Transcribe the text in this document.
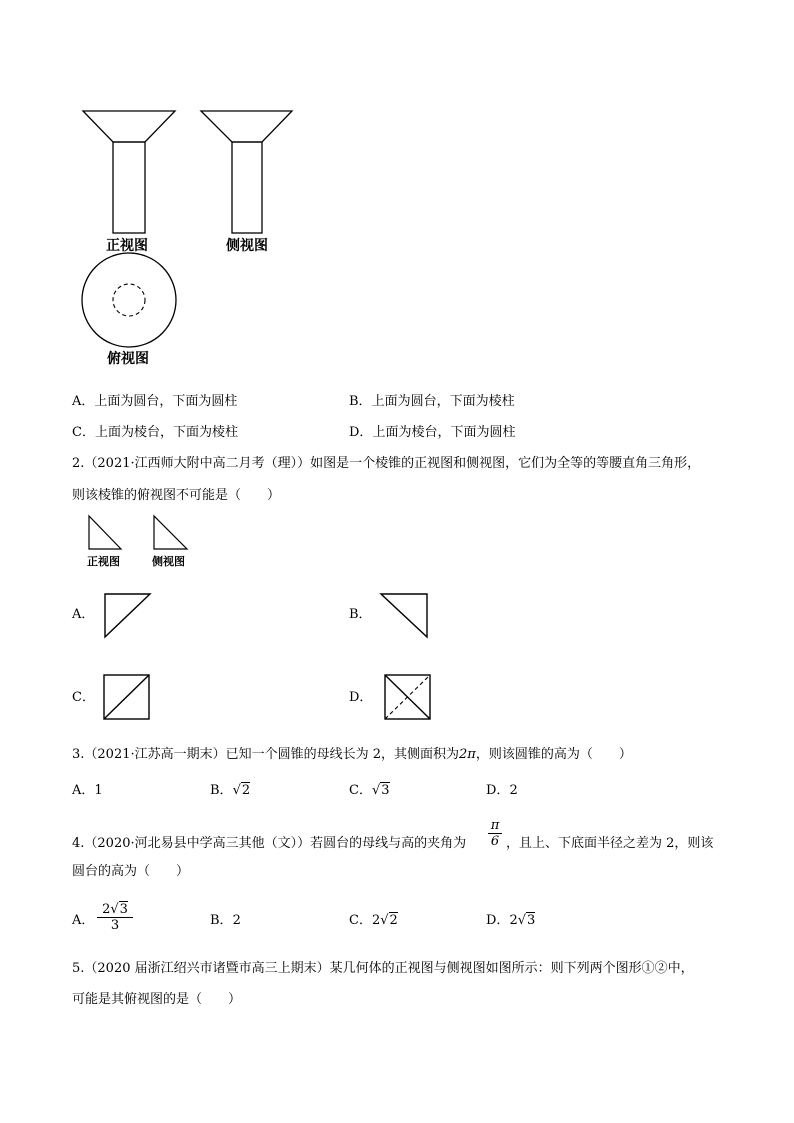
正视图	侧视图
俯视图
A．上面为圆台，下面为圆柱	B．上面为圆台，下面为棱柱
C．上面为棱台，下面为棱柱	D．上面为棱台，下面为圆柱
2.（2021·江西师大附中高二月考（理））如图是一个棱锥的正视图和侧视图，它们为全等的等腰直角三角形，
则该棱锥的俯视图不可能是（　　）
正视图	侧视图
A．	B．
C．	D．
3.（2021·江苏高一期末）已知一个圆锥的母线长为 2，其侧面积为2π，则该圆锥的高为（　　）
A．1	B．√2	C．√3	D．2
4.（2020·河北易县中学高三其他（文））若圆台的母线与高的夹角为 $\frac{\pi}{6}$ ，且上、下底面半径之差为 2，则该
圆台的高为（　　）
A． $\frac{2√3}{3}$	B．2	C．2√2	D．2√3
5.（2020 届浙江绍兴市诸暨市高三上期末）某几何体的正视图与侧视图如图所示：则下列两个图形①②中，
可能是其俯视图的是（　　）
